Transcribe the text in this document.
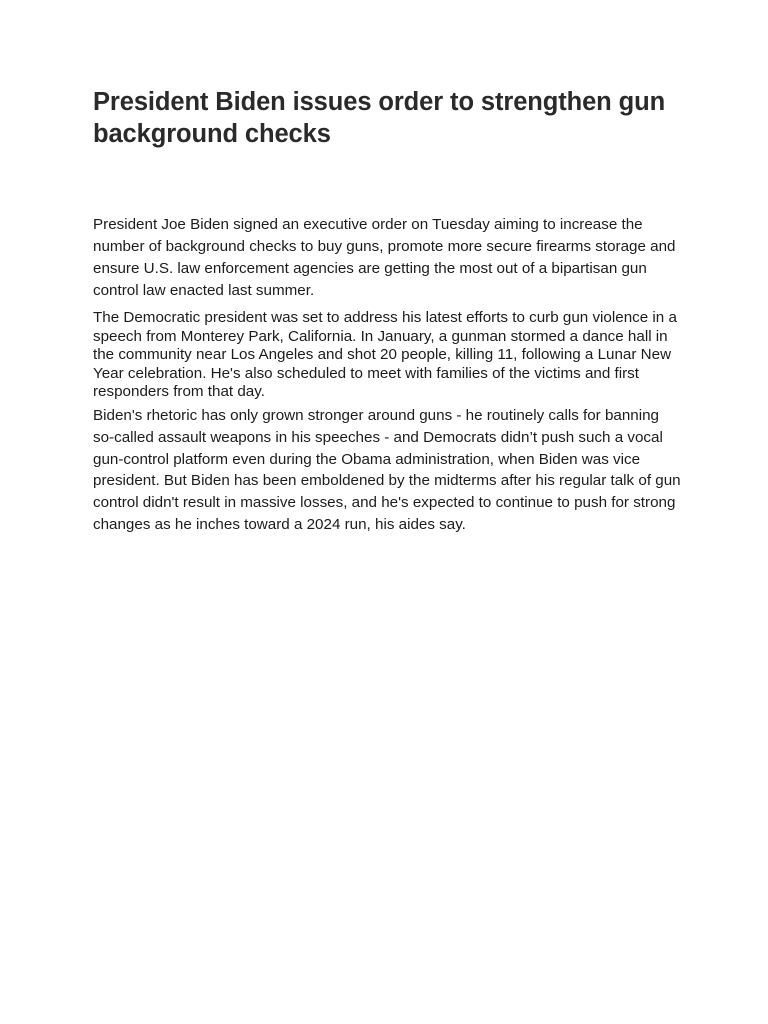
President Biden issues order to strengthen gun background checks

President Joe Biden signed an executive order on Tuesday aiming to increase the number of background checks to buy guns, promote more secure firearms storage and ensure U.S. law enforcement agencies are getting the most out of a bipartisan gun control law enacted last summer.

The Democratic president was set to address his latest efforts to curb gun violence in a speech from Monterey Park, California. In January, a gunman stormed a dance hall in the community near Los Angeles and shot 20 people, killing 11, following a Lunar New Year celebration. He's also scheduled to meet with families of the victims and first responders from that day.

Biden's rhetoric has only grown stronger around guns - he routinely calls for banning so-called assault weapons in his speeches - and Democrats didn’t push such a vocal gun-control platform even during the Obama administration, when Biden was vice president. But Biden has been emboldened by the midterms after his regular talk of gun control didn't result in massive losses, and he's expected to continue to push for strong changes as he inches toward a 2024 run, his aides say.
